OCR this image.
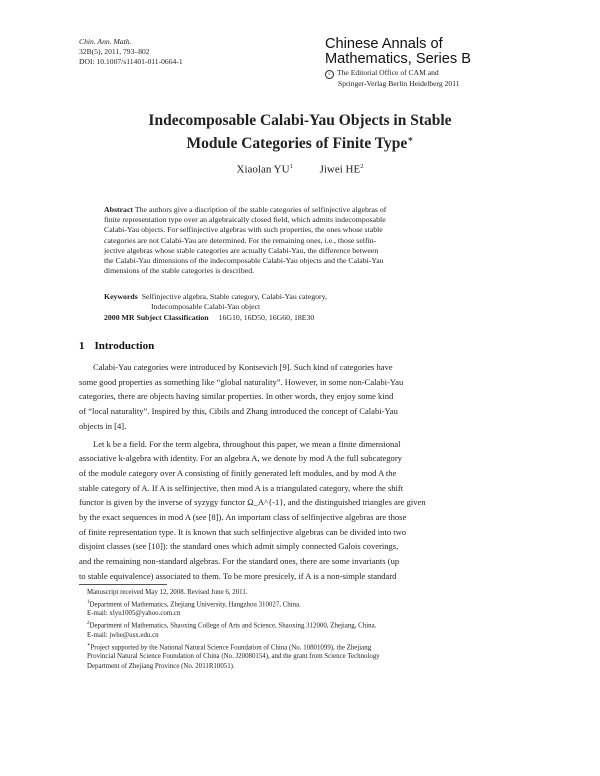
Chin. Ann. Math.
32B(5), 2011, 793–802
DOI: 10.1007/s11401-011-0664-1
Chinese Annals of
Mathematics, Series B
c The Editorial Office of CAM and
Springer-Verlag Berlin Heidelberg 2011
Indecomposable Calabi-Yau Objects in Stable
Module Categories of Finite Type∗
Xiaolan $YU^1$ Jiwei $HE^2$
Abstract The authors give a discription of the stable categories of selfinjective algebras of
finite representation type over an algebraically closed field, which admits indecomposable
Calabi-Yau objects. For selfinjective algebras with such properties, the ones whose stable
categories are not Calabi-Yau are determined. For the remaining ones, i.e., those selfin-
jective algebras whose stable categories are actually Calabi-Yau, the difference between
the Calabi-Yau dimensions of the indecomposable Calabi-Yau objects and the Calabi-Yau
dimensions of the stable categories is described.
Keywords Selfinjective algebra, Stable category, Calabi-Yau category,
Indecomposable Calabi-Yau object
2000 MR Subject Classification 16G10, 16D50, 16G60, 18E30
1 Introduction

Calabi-Yau categories were introduced by Kontsevich [9]. Such kind of categories have
some good properties as something like “global naturality”. However, in some non-Calabi-Yau
categories, there are objects having similar properties. In other words, they enjoy some kind
of “local naturality”. Inspired by this, Cibils and Zhang introduced the concept of Calabi-Yau
objects in [4].

Let k be a field. For the term algebra, throughout this paper, we mean a finite dimensional
associative k-algebra with identity. For an algebra A, we denote by mod A the full subcategory
of the module category over A consisting of finitly generated left modules, and by mod A the
stable category of A. If A is selfinjective, then mod A is a triangulated category, where the shift
functor is given by the inverse of syzygy functor Ω_A^{-1}, and the distinguished triangles are given
by the exact sequences in mod A (see [8]). An important class of selfinjective algebras are those
of finite representation type. It is known that such selfinjective algebras can be divided into two
disjoint classes (see [10]): the standard ones which admit simply connected Galois coverings,
and the remaining non-standard algebras. For the standard ones, there are some invariants (up
to stable equivalence) associated to them. To be more presicely, if A is a non-simple standard

Manuscript received May 12, 2008. Revised June 6, 2011.
$^1$Department of Mathematics, Zhejiang University, Hangzhou 310027, China.
E-mail: xlyu1005@yahoo.com.cn
$^2$Department of Mathematics, Shaoxing College of Arts and Science, Shaoxing 312000, Zhejiang, China.
E-mail: jwhe@usx.edu.cn
∗Project supported by the National Natural Science Foundation of China (No. 10801099), the Zhejiang
Provincial Natural Science Foundation of China (No. J20080154), and the grant from Science Technology
Department of Zhejiang Province (No. 2011R10051).
